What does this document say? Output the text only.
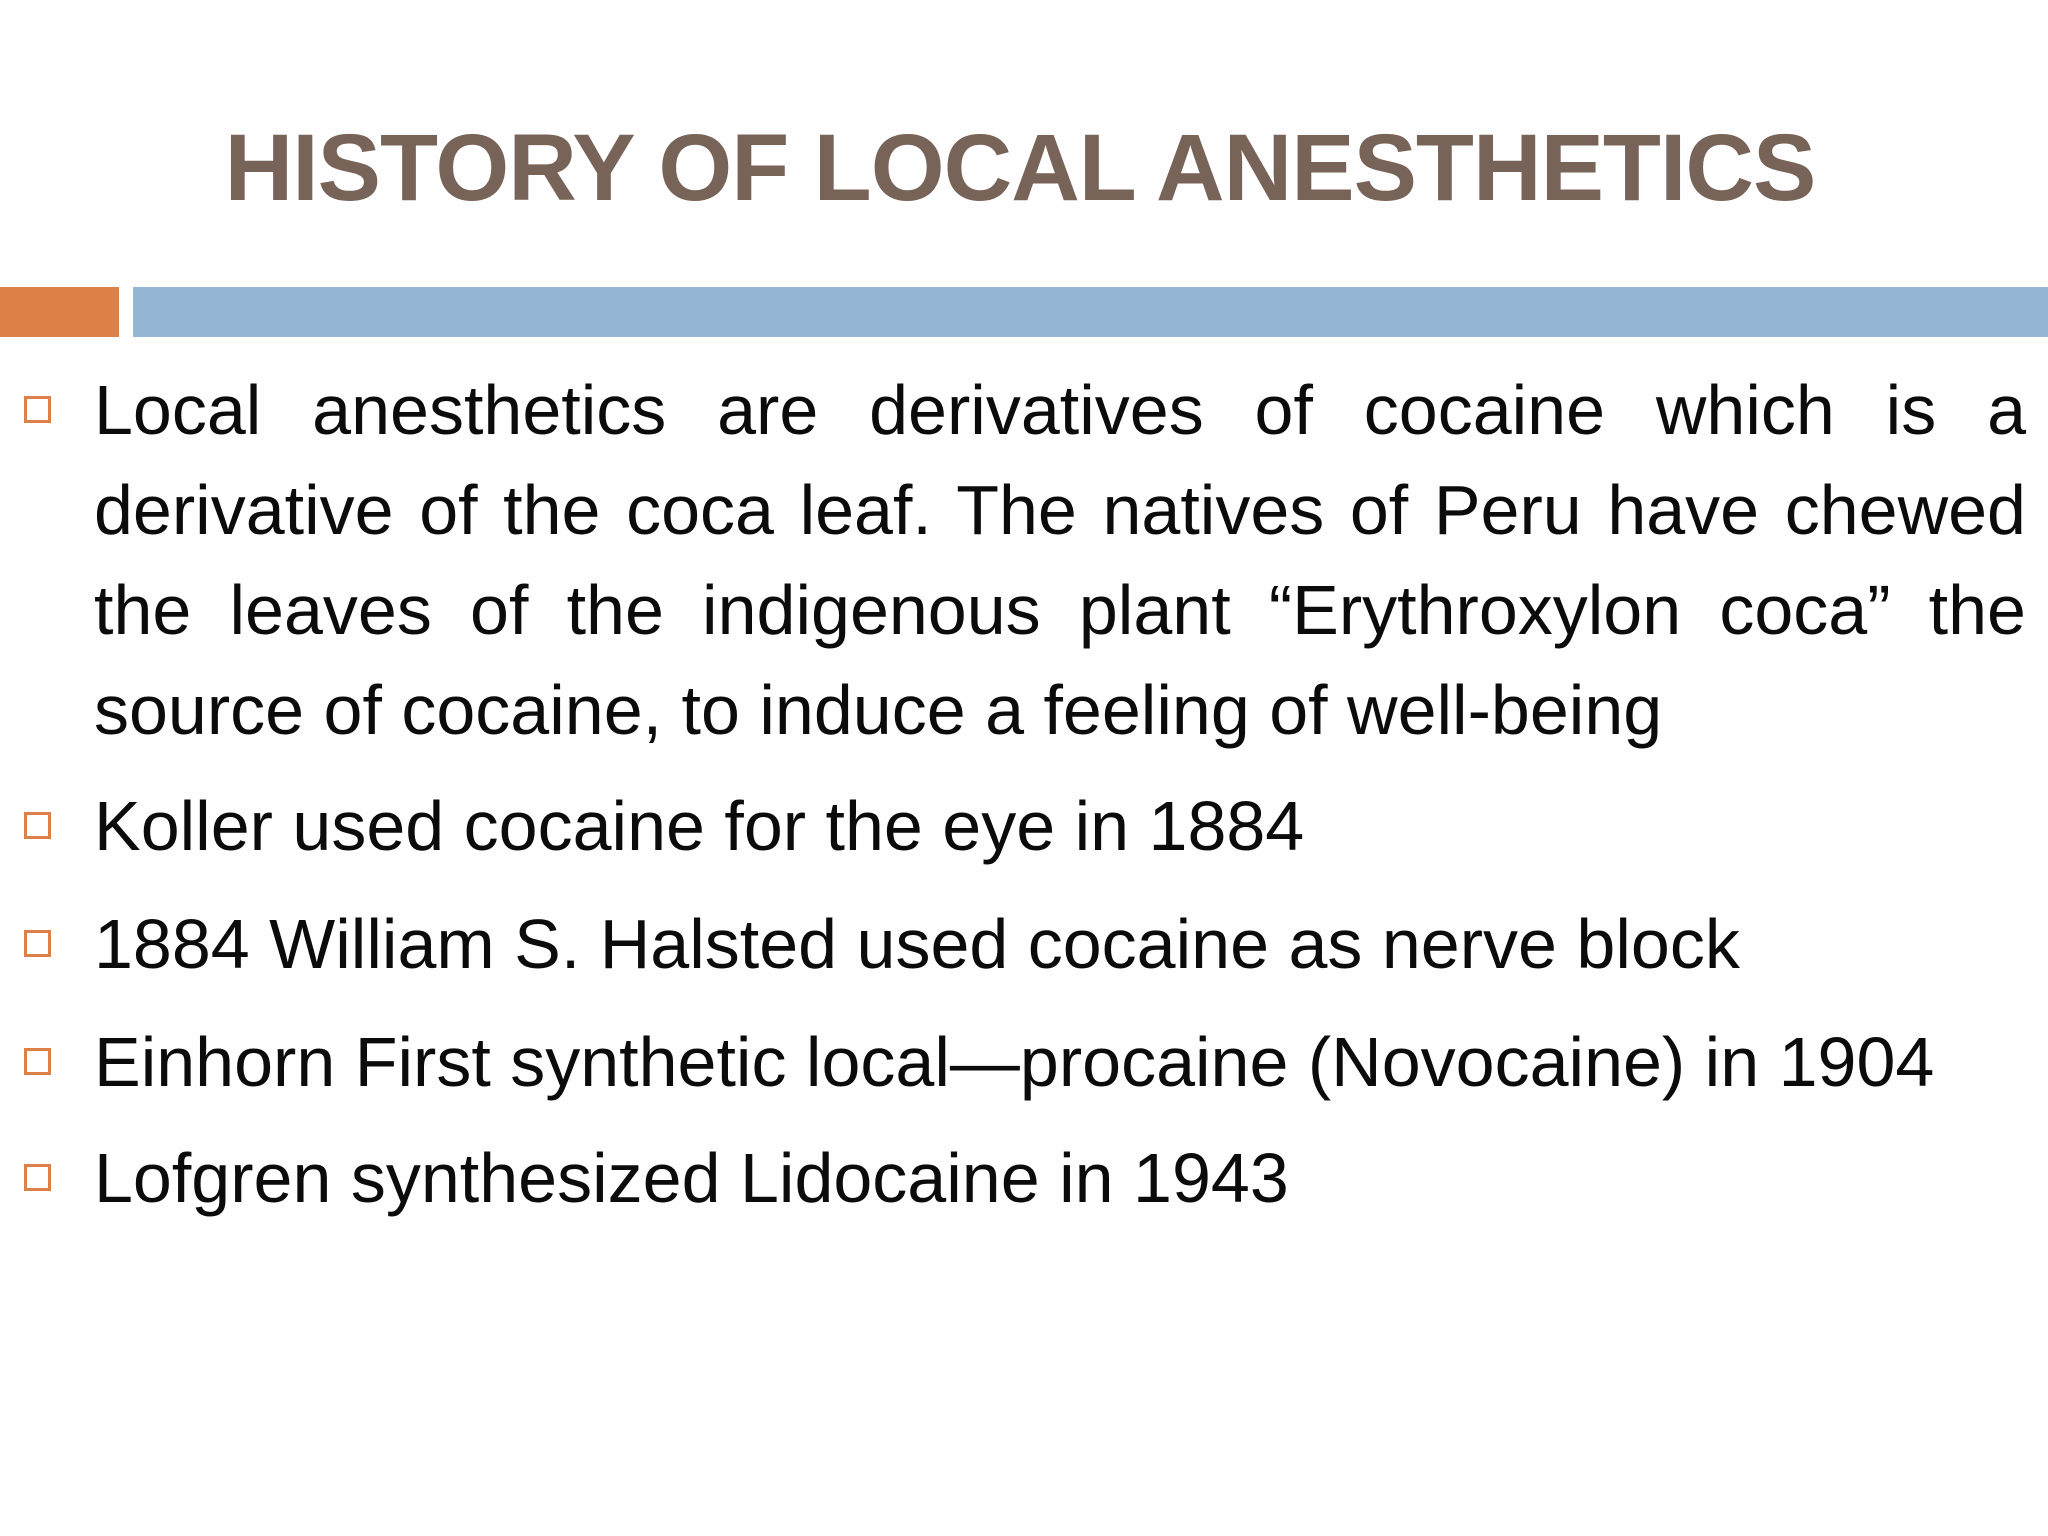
HISTORY OF LOCAL ANESTHETICS
Local anesthetics are derivatives of cocaine which is a derivative of the coca leaf. The natives of Peru have chewed the leaves of the indigenous plant “Erythroxylon coca” the source of cocaine, to induce a feeling of well-being
Koller used cocaine for the eye in 1884
1884 William S. Halsted used cocaine as nerve block
Einhorn First synthetic local—procaine (Novocaine) in 1904
Lofgren synthesized Lidocaine in 1943
